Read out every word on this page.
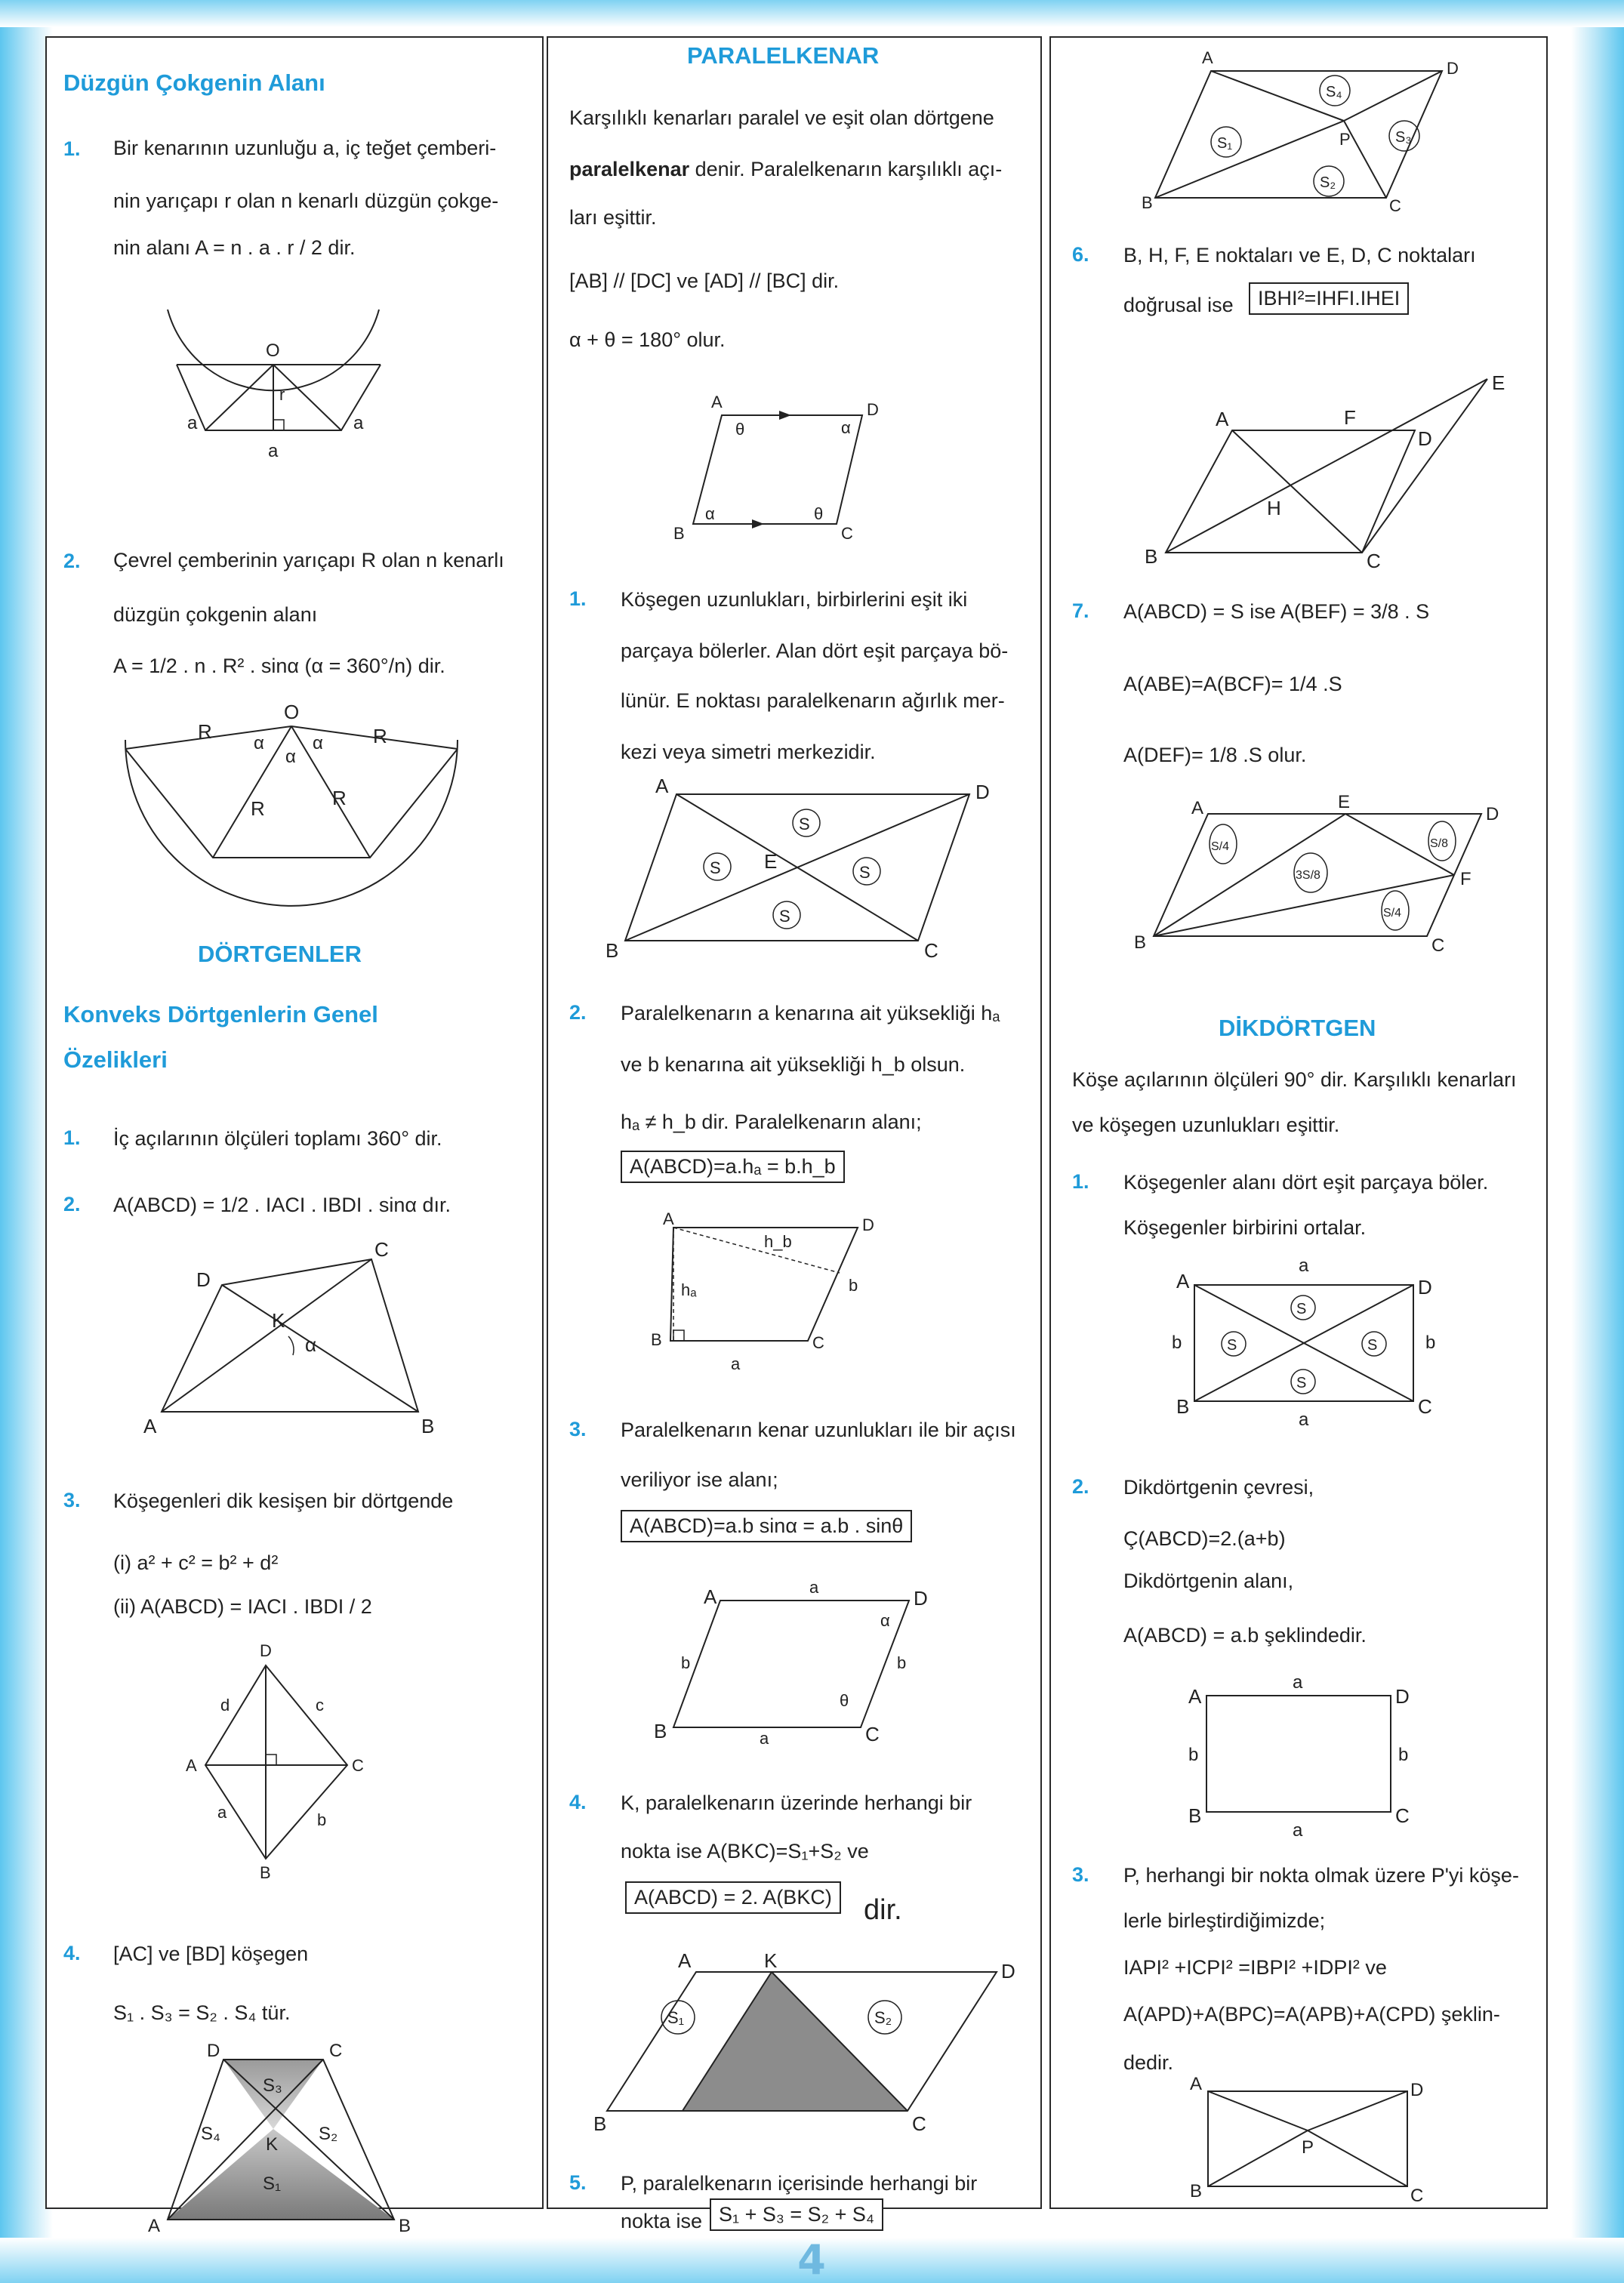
Düzgün Çokgenin Alanı
1. Bir kenarının uzunluğu a, iç teğet çemberi-
nin yarıçapı r olan n kenarlı düzgün çokge-
nin alanı A = n . a . r / 2 dir.
O
a	a
r
a
2. Çevrel çemberinin yarıçapı R olan n kenarlı
düzgün çokgenin alanı
A = 1/2 . n . R² . sinα (α = 360°/n) dir.
O
R	R
R	R
α
α
α
DÖRTGENLER
Konveks Dörtgenlerin Genel
Özelikleri
1. İç açılarının ölçüleri toplamı 360° dir.
2. A(ABCD) = 1/2 . IACI . IBDI . sinα dır.
A	B
C
D
K
α
3. Köşegenleri dik kesişen bir dörtgende
(i) a² + c² = b² + d²
(ii) A(ABCD) = IACI . IBDI / 2
D
B
A	C
d	c
a	b
4. [AC] ve [BD] köşegen
S₁ . S₃ = S₂ . S₄ tür.
D	C
A	B
K
S₃
S₄	S₂
S₁
PARALELKENAR
Karşılıklı kenarları paralel ve eşit olan dörtgene
paralelkenar denir. Paralelkenarın karşılıklı açı-
ları eşittir.
[AB] // [DC] ve [AD] // [BC] dir.
α + θ = 180° olur.
A	D
B	C
θ	α
α	θ
1. Köşegen uzunlukları, birbirlerini eşit iki
parçaya bölerler. Alan dört eşit parçaya bö-
lünür. E noktası paralelkenarın ağırlık mer-
kezi veya simetri merkezidir.
A	D
B	C
E
S
S	S
S
2. Paralelkenarın a kenarına ait yüksekliği hₐ
ve b kenarına ait yüksekliği h_b olsun.
hₐ ≠ h_b dir. Paralelkenarın alanı;
A(ABCD)=a.hₐ = b.h_b
A	D
B	C
hₐ
h_b
b
a
3. Paralelkenarın kenar uzunlukları ile bir açısı
veriliyor ise alanı;
A(ABCD)=a.b sinα = a.b . sinθ
A	D
B	C
a
a
b	b
α
θ
4. K, paralelkenarın üzerinde herhangi bir
nokta ise A(BKC)=S₁+S₂ ve
A(ABCD) = 2. A(BKC)	dir.
A	K	D
B	C
S₁	S₂
5. P, paralelkenarın içerisinde herhangi bir
nokta ise S₁ + S₃ = S₂ + S₄
A
D
B	C
P
S₁
S₂
S₃
S₄
6. B, H, F, E noktaları ve E, D, C noktaları
doğrusal ise	IBHI²=IHFI.IHEI
A	F
E
D
B	C
H
7. A(ABCD) = S ise A(BEF) = 3/8 . S
A(ABE)=A(BCF)= 1/4 .S
A(DEF)= 1/8 .S olur.
A	E
D
F
B	C
S/4
3S/8
S/8
S/4
DİKDÖRTGEN
Köşe açılarının ölçüleri 90° dir. Karşılıklı kenarları
ve köşegen uzunlukları eşittir.
1. Köşegenler alanı dört eşit parçaya böler.
Köşegenler birbirini ortalar.
A	D
B	C
a
a
b	b
S
S	S
S
2. Dikdörtgenin çevresi,
Ç(ABCD)=2.(a+b)
Dikdörtgenin alanı,
A(ABCD) = a.b şeklindedir.
A	D
B	C
a
a
b	b
3. P, herhangi bir nokta olmak üzere P'yi köşe-
lerle birleştirdiğimizde;
IAPI² +ICPI² =IBPI² +IDPI² ve
A(APD)+A(BPC)=A(APB)+A(CPD) şeklin-
dedir.
A	D
B	C
P
4
